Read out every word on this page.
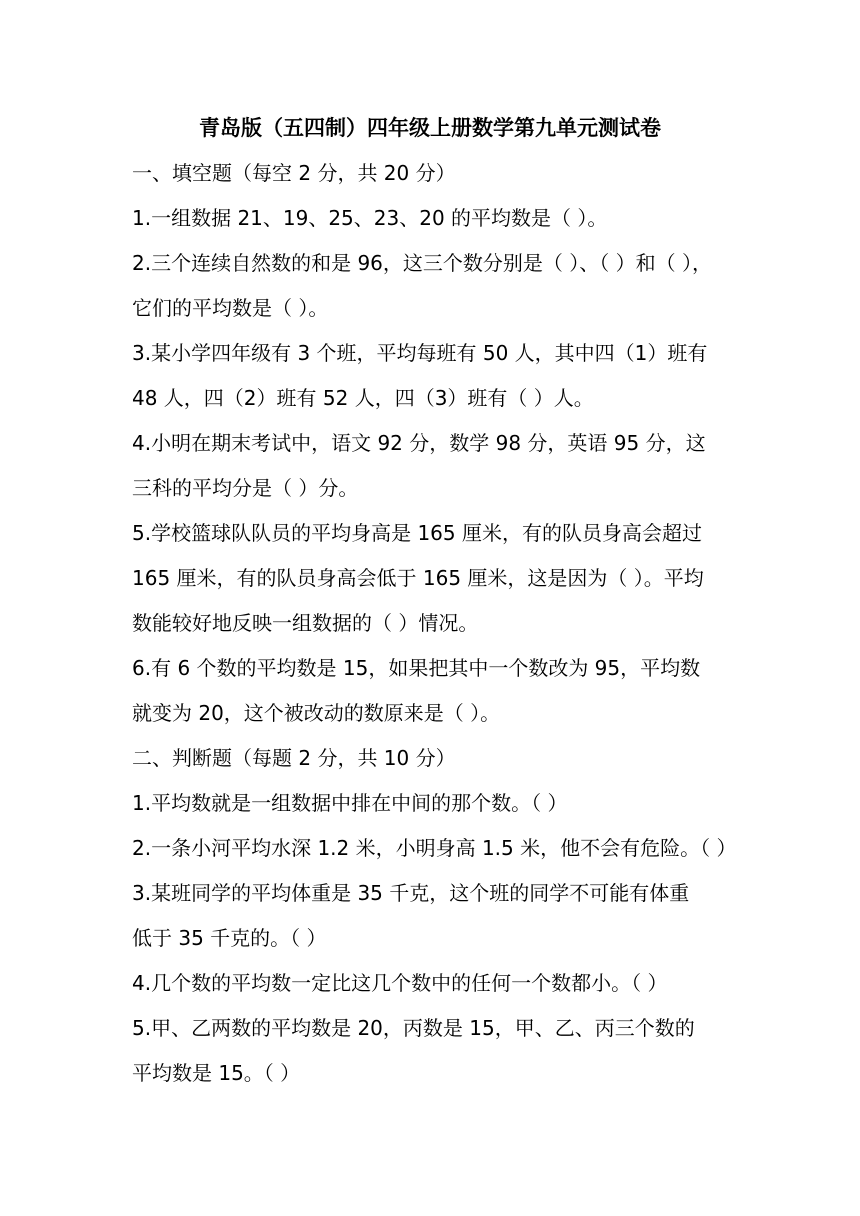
青岛版（五四制）四年级上册数学第九单元测试卷
一、填空题（每空 2 分，共 20 分）
1.一组数据 21、19、25、23、20 的平均数是（ ）。
2.三个连续自然数的和是 96，这三个数分别是（ ）、（ ）和（ ），
它们的平均数是（ ）。
3.某小学四年级有 3 个班，平均每班有 50 人，其中四（1）班有
48 人，四（2）班有 52 人，四（3）班有（ ）人。
4.小明在期末考试中，语文 92 分，数学 98 分，英语 95 分，这
三科的平均分是（ ）分。
5.学校篮球队队员的平均身高是 165 厘米，有的队员身高会超过
165 厘米，有的队员身高会低于 165 厘米，这是因为（ ）。平均
数能较好地反映一组数据的（ ）情况。
6.有 6 个数的平均数是 15，如果把其中一个数改为 95，平均数
就变为 20，这个被改动的数原来是（ ）。
二、判断题（每题 2 分，共 10 分）
1.平均数就是一组数据中排在中间的那个数。（ ）
2.一条小河平均水深 1.2 米，小明身高 1.5 米，他不会有危险。（ ）
3.某班同学的平均体重是 35 千克，这个班的同学不可能有体重
低于 35 千克的。（ ）
4.几个数的平均数一定比这几个数中的任何一个数都小。（ ）
5.甲、乙两数的平均数是 20，丙数是 15，甲、乙、丙三个数的
平均数是 15。（ ）
